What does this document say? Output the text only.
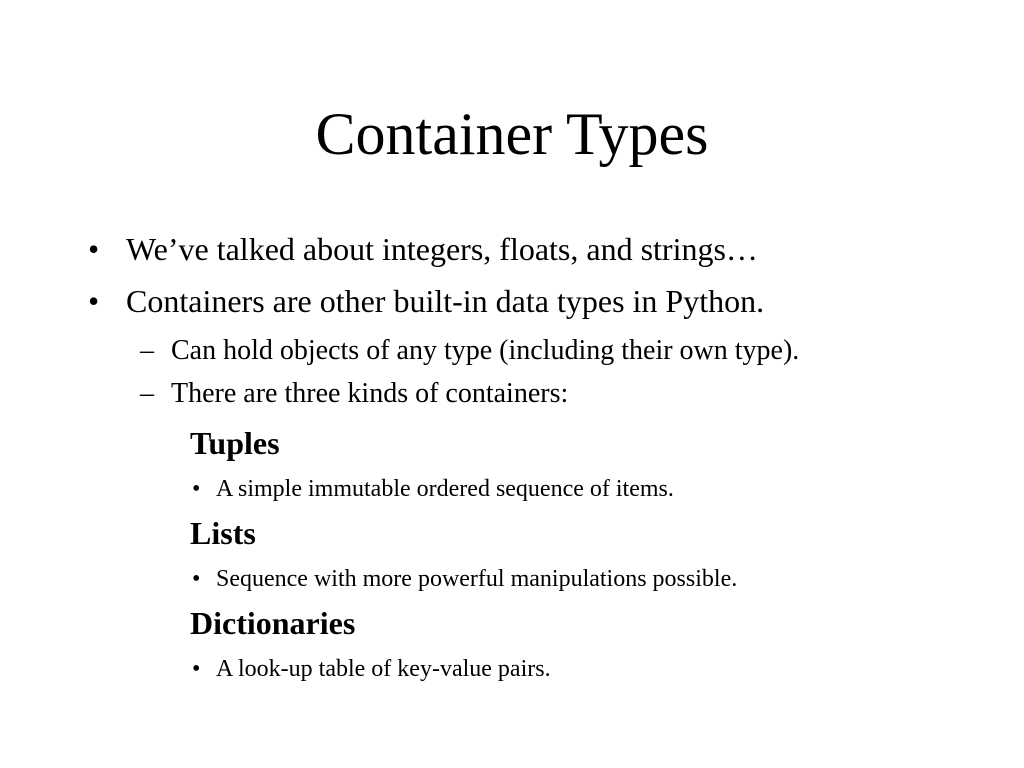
Container Types
• We’ve talked about integers, floats, and strings…
• Containers are other built-in data types in Python.
– Can hold objects of any type (including their own type).
– There are three kinds of containers:
Tuples
• A simple immutable ordered sequence of items.
Lists
• Sequence with more powerful manipulations possible.
Dictionaries
• A look-up table of key-value pairs.
